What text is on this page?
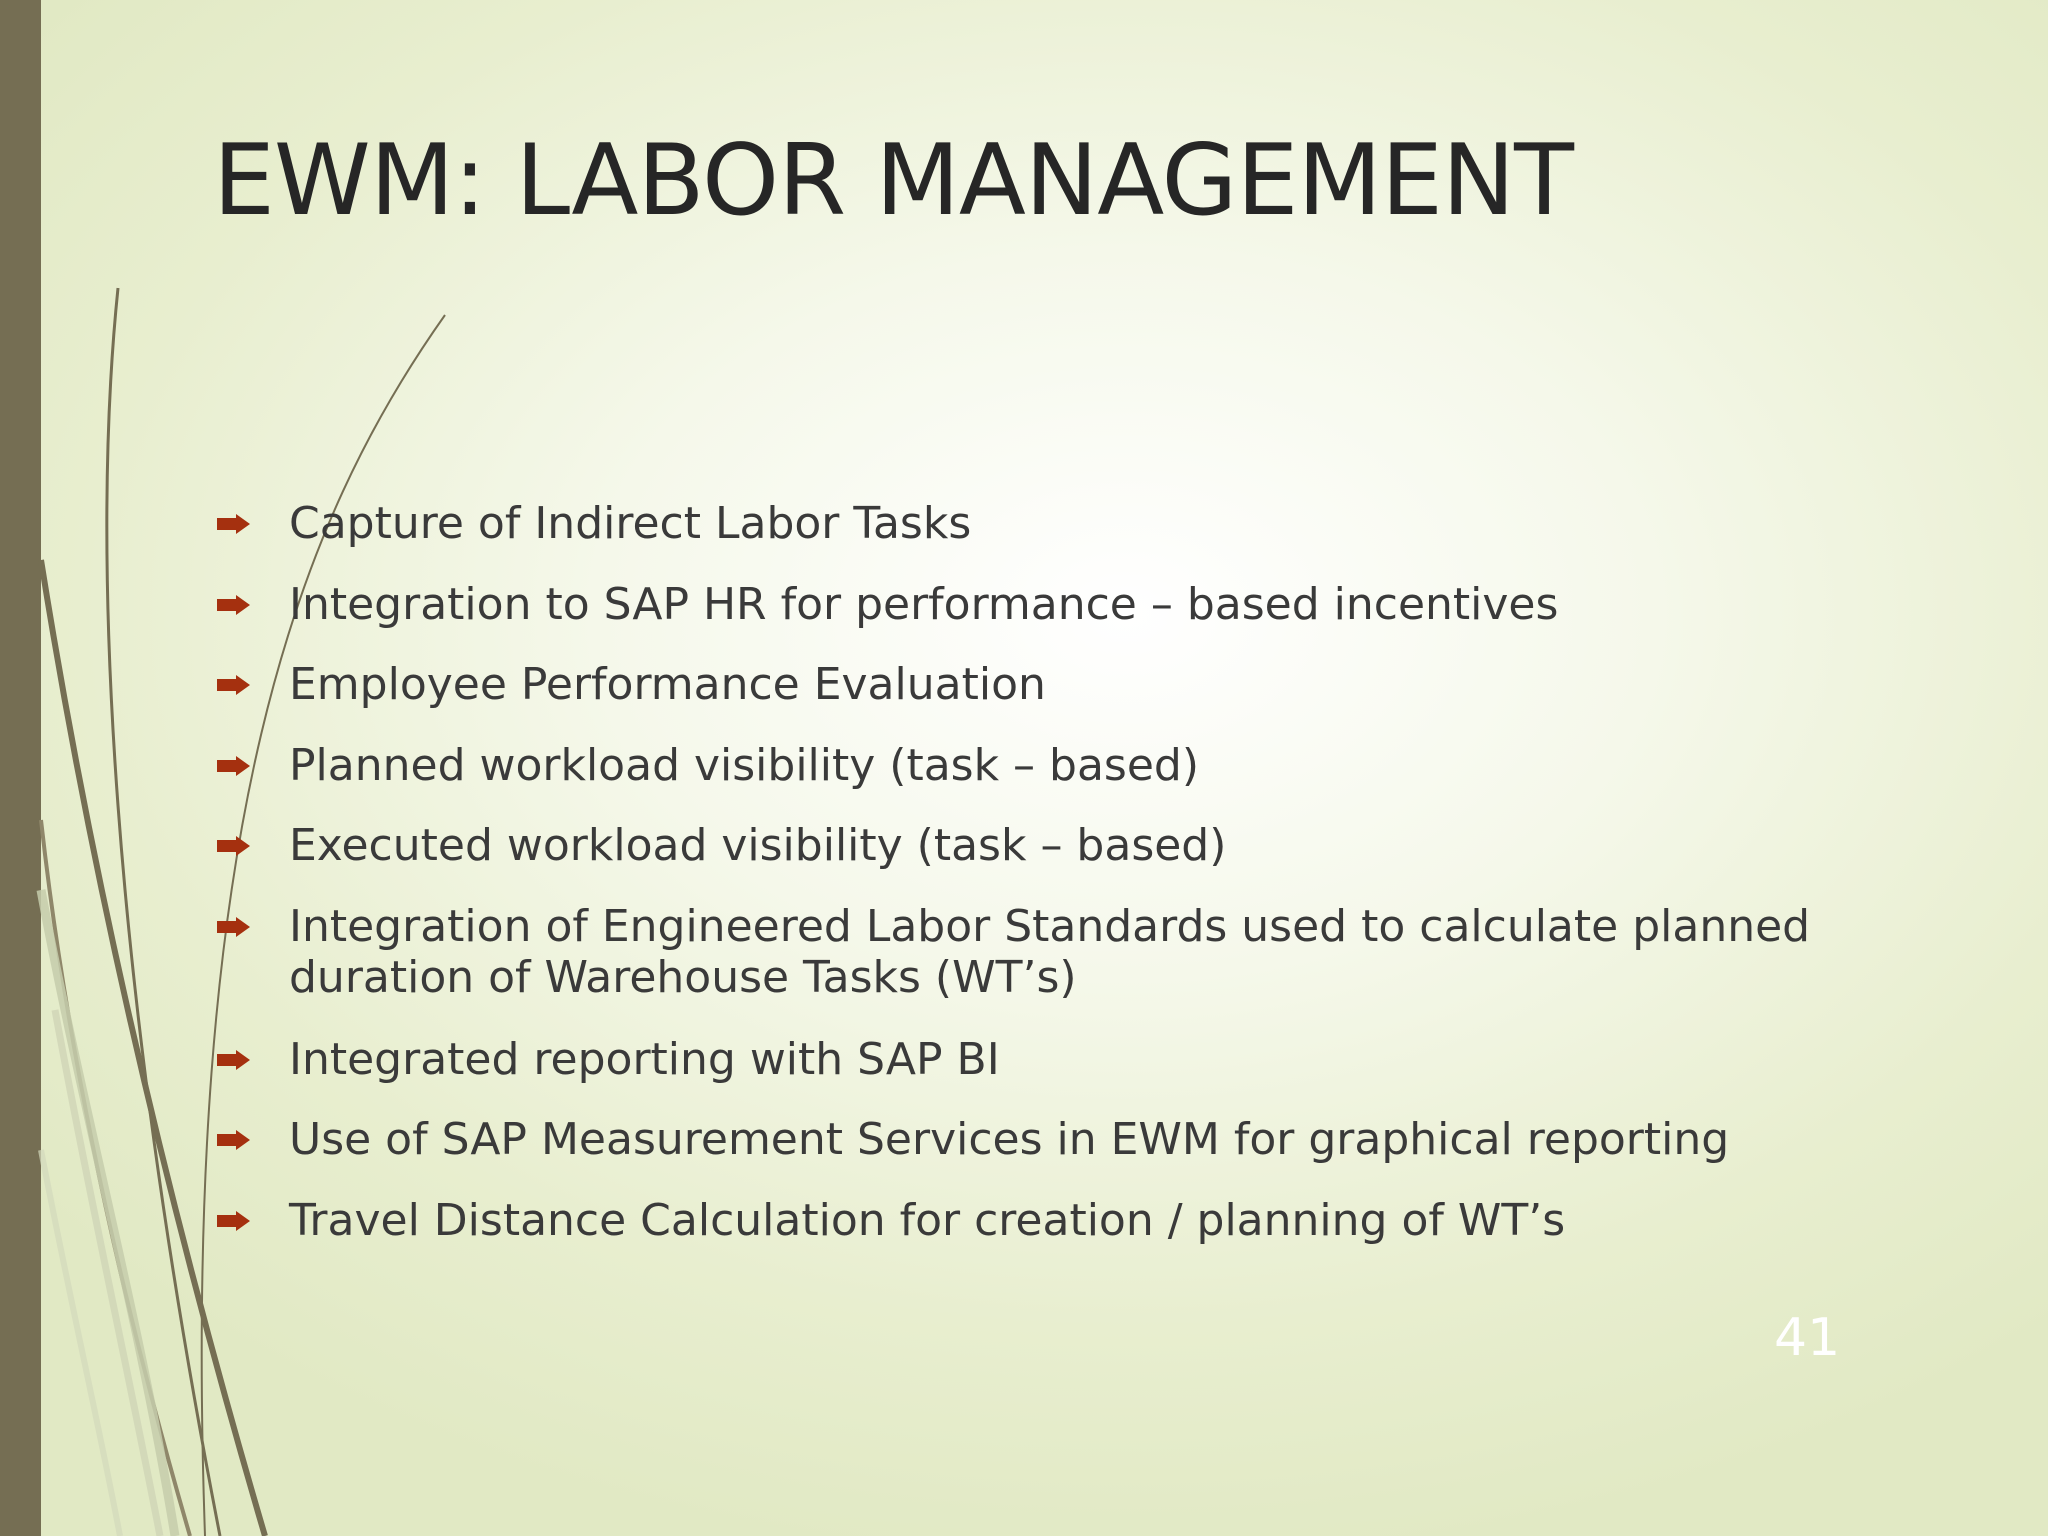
EWM: LABOR MANAGEMENT
Capture of Indirect Labor Tasks
Integration to SAP HR for performance – based incentives
Employee Performance Evaluation
Planned workload visibility (task – based)
Executed workload visibility (task – based)
Integration of Engineered Labor Standards used to calculate planned
duration of Warehouse Tasks (WT’s)
Integrated reporting with SAP BI
Use of SAP Measurement Services in EWM for graphical reporting
Travel Distance Calculation for creation / planning of WT’s
41
